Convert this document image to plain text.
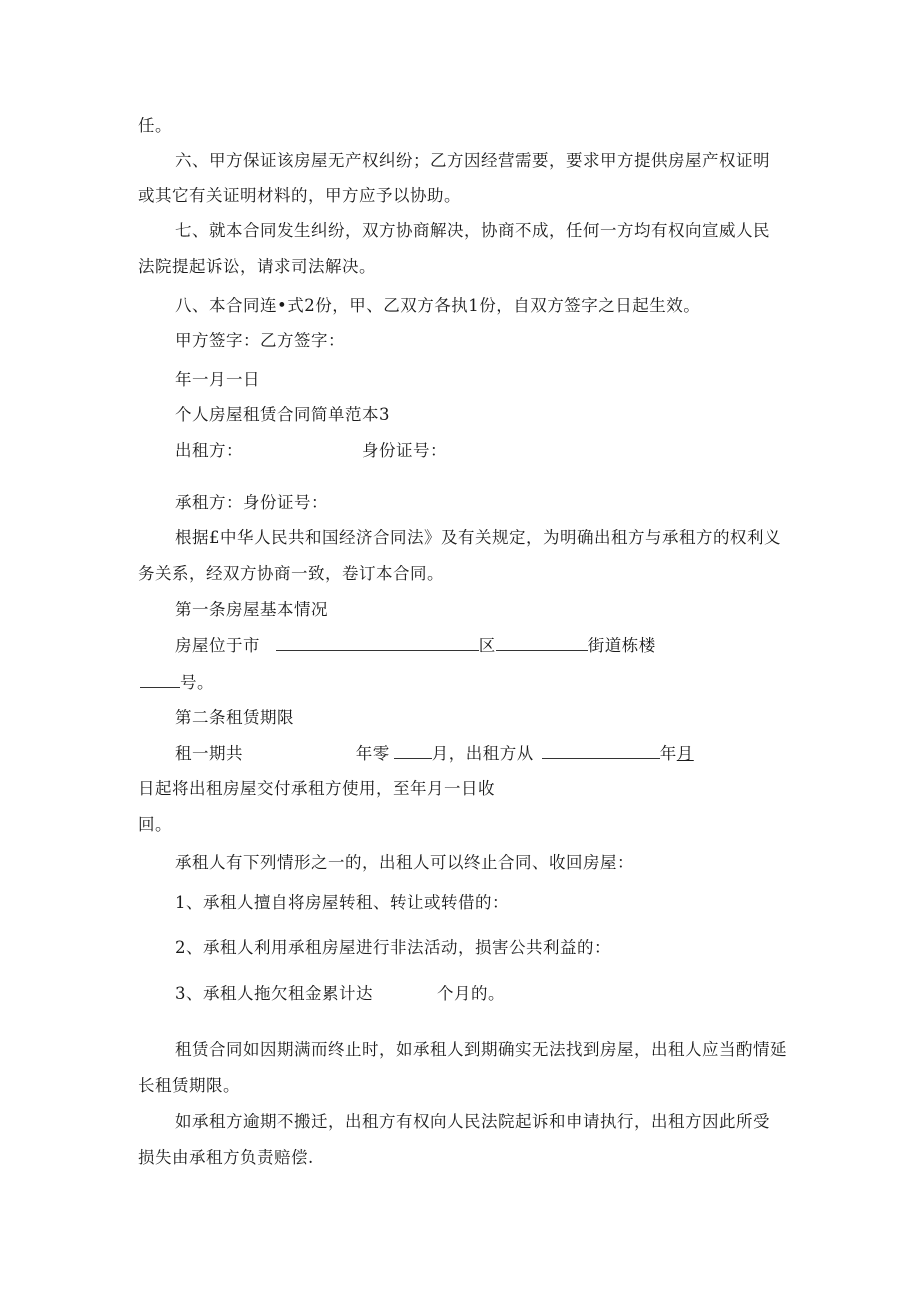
任。
六、甲方保证该房屋无产权纠纷；乙方因经营需要，要求甲方提供房屋产权证明
或其它有关证明材料的，甲方应予以协助。
七、就本合同发生纠纷，双方协商解决，协商不成，任何一方均有权向宣威人民
法院提起诉讼，请求司法解决。
八、本合同连•式2份，甲、乙双方各执1份，自双方签字之日起生效。
甲方签字：乙方签字：
年一月一日
个人房屋租赁合同简单范本3
出租方：	身份证号：
承租方：身份证号：
根据£中华人民共和国经济合同法》及有关规定，为明确出租方与承租方的权利义
务关系，经双方协商一致，卷订本合同。
第一条房屋基本情况
房屋位于市	区	街道栋楼
号。
第二条租赁期限
租一期共	年零	月，出租方从	年月
日起将出租房屋交付承租方使用，至年月一日收
回。
承租人有下列情形之一的，出租人可以终止合同、收回房屋：
1、承租人擅自将房屋转租、转让或转借的：
2、承租人利用承租房屋进行非法活动，损害公共利益的：
3、承租人拖欠租金累计达	个月的。
租赁合同如因期满而终止时，如承租人到期确实无法找到房屋，出租人应当酌情延
长租赁期限。
如承租方逾期不搬迁，出租方有权向人民法院起诉和申请执行，出租方因此所受
损失由承租方负责赔偿.
